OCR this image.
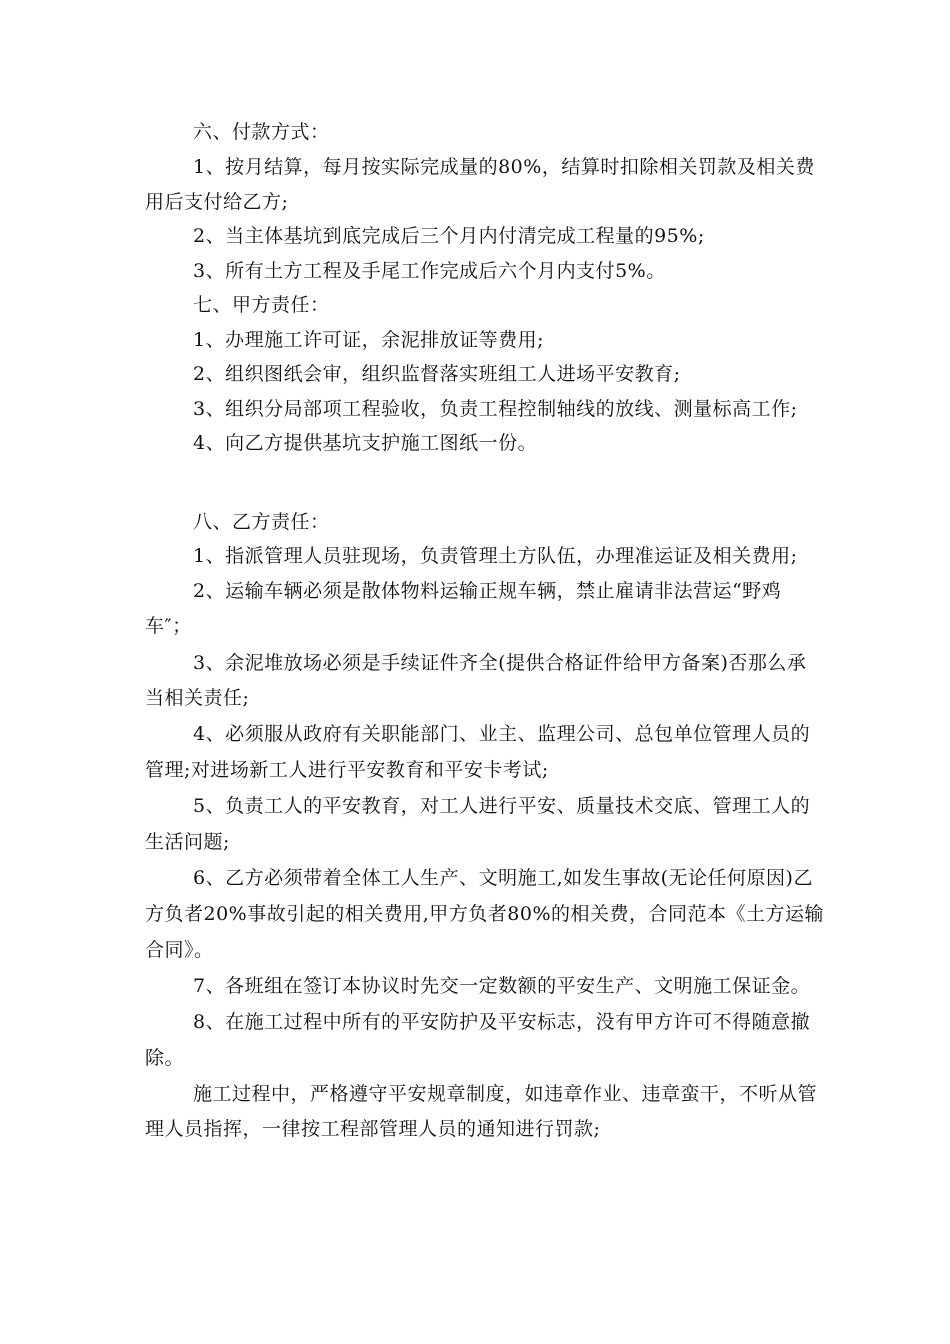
六、付款方式：
1、按月结算，每月按实际完成量的80%，结算时扣除相关罚款及相关费
用后支付给乙方;
2、当主体基坑到底完成后三个月内付清完成工程量的95%;
3、所有土方工程及手尾工作完成后六个月内支付5%。
七、甲方责任：
1、办理施工许可证，余泥排放证等费用;
2、组织图纸会审，组织监督落实班组工人进场平安教育;
3、组织分局部项工程验收，负责工程控制轴线的放线、测量标高工作;
4、向乙方提供基坑支护施工图纸一份。
八、乙方责任：
1、指派管理人员驻现场，负责管理土方队伍，办理准运证及相关费用;
2、运输车辆必须是散体物料运输正规车辆，禁止雇请非法营运“野鸡
车″；
3、余泥堆放场必须是手续证件齐全(提供合格证件给甲方备案)否那么承
当相关责任;
4、必须服从政府有关职能部门、业主、监理公司、总包单位管理人员的
管理;对进场新工人进行平安教育和平安卡考试;
5、负责工人的平安教育，对工人进行平安、质量技术交底、管理工人的
生活问题;
6、乙方必须带着全体工人生产、文明施工,如发生事故(无论任何原因)乙
方负者20%事故引起的相关费用,甲方负者80%的相关费，合同范本《土方运输
合同》。
7、各班组在签订本协议时先交一定数额的平安生产、文明施工保证金。
8、在施工过程中所有的平安防护及平安标志，没有甲方许可不得随意撤
除。
施工过程中，严格遵守平安规章制度，如违章作业、违章蛮干，不听从管
理人员指挥，一律按工程部管理人员的通知进行罚款;
